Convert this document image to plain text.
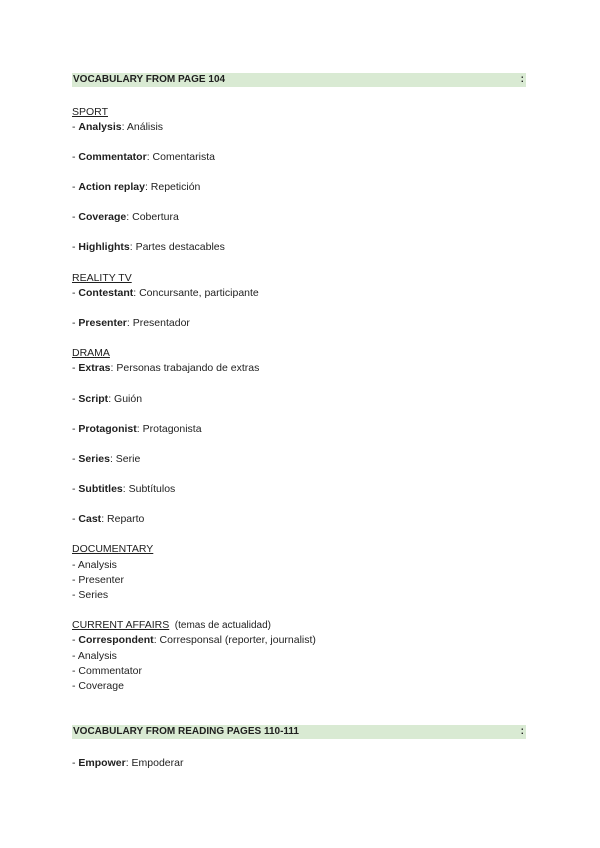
VOCABULARY FROM PAGE 104	:
SPORT
- Analysis: Análisis
- Commentator: Comentarista
- Action replay: Repetición
- Coverage: Cobertura
- Highlights: Partes destacables
REALITY TV
- Contestant: Concursante, participante
- Presenter: Presentador
DRAMA
- Extras: Personas trabajando de extras
- Script: Guión
- Protagonist: Protagonista
- Series: Serie
- Subtitles: Subtítulos
- Cast: Reparto
DOCUMENTARY
- Analysis
- Presenter
- Series
CURRENT AFFAIRS  (temas de actualidad)
- Correspondent: Corresponsal (reporter, journalist)
- Analysis
- Commentator
- Coverage
VOCABULARY FROM READING PAGES 110-111	:
- Empower: Empoderar
